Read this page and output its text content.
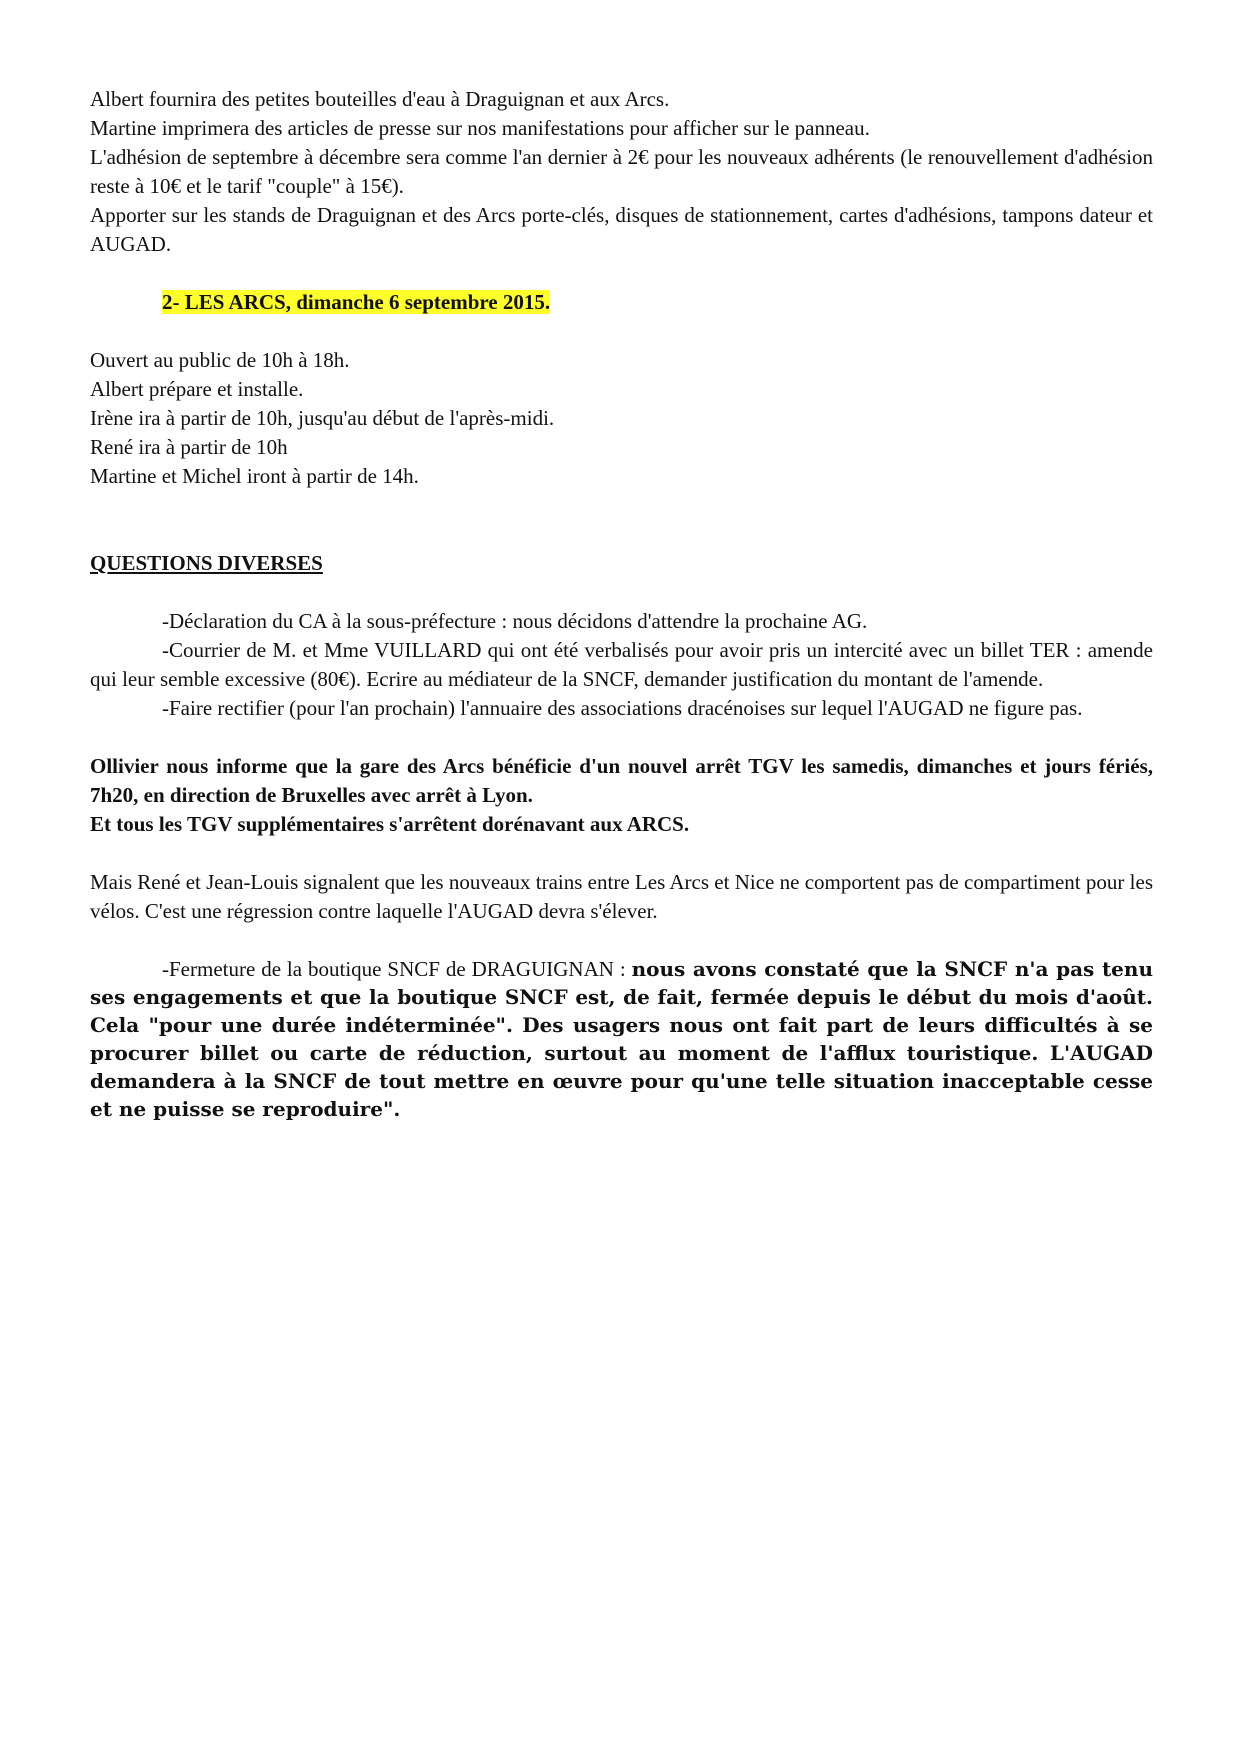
Albert fournira des petites bouteilles d'eau à Draguignan et aux Arcs.

Martine imprimera des articles de presse sur nos manifestations pour afficher sur le panneau.

L'adhésion de septembre à décembre sera comme l'an dernier à 2€ pour les nouveaux adhérents (le renouvellement d'adhésion reste à 10€ et le tarif "couple" à 15€).

Apporter sur les stands de Draguignan et des Arcs porte-clés, disques de stationnement, cartes d'adhésions, tampons dateur et AUGAD.

2- LES ARCS, dimanche 6 septembre 2015.

Ouvert au public de 10h à 18h.

Albert prépare et installe.

Irène ira à partir de 10h, jusqu'au début de l'après-midi.

René ira à partir de 10h

Martine et Michel iront à partir de 14h.

QUESTIONS DIVERSES

-Déclaration du CA à la sous-préfecture : nous décidons d'attendre la prochaine AG.

-Courrier de M. et Mme VUILLARD qui ont été verbalisés pour avoir pris un intercité avec un billet TER : amende qui leur semble excessive (80€). Ecrire au médiateur de la SNCF, demander justification du montant de l'amende.

-Faire rectifier (pour l'an prochain) l'annuaire des associations dracénoises sur lequel l'AUGAD ne figure pas.

Ollivier nous informe que la gare des Arcs bénéficie d'un nouvel arrêt TGV les samedis, dimanches et jours fériés, 7h20, en direction de Bruxelles avec arrêt à Lyon.

Et tous les TGV supplémentaires s'arrêtent dorénavant aux ARCS.

Mais René et Jean-Louis signalent que les nouveaux trains entre Les Arcs et Nice ne comportent pas de compartiment pour les vélos. C'est une régression contre laquelle l'AUGAD devra s'élever.

-Fermeture de la boutique SNCF de DRAGUIGNAN : nous avons constaté que la SNCF n'a pas tenu ses engagements et que la boutique SNCF est, de fait, fermée depuis le début du mois d'août. Cela "pour une durée indéterminée". Des usagers nous ont fait part de leurs difficultés à se procurer billet ou carte de réduction, surtout au moment de l'afflux touristique. L'AUGAD demandera à la SNCF de tout mettre en œuvre pour qu'une telle situation inacceptable cesse et ne puisse se reproduire".
